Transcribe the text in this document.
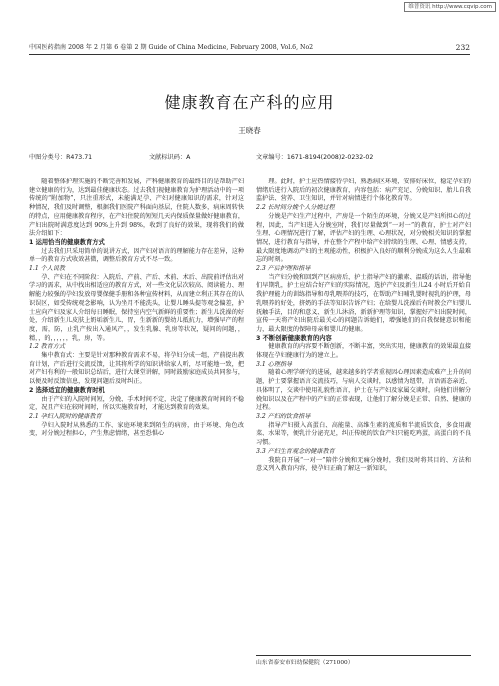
维普资讯 http://www.cqvip.com
中国医药指南 2008 年 2 月第 6 卷第 2 期 Guide of China Medicine, February 2008, Vol.6, No2	232
健康教育在产科的应用
王晓春
中图分类号：R473.71	文献标识码：A	文章编号：1671-8194(2008)2-0232-02

随着整体护理实施的不断完善和发展，产科健康教育的最终目的是帮助产妇建立健康的行为，达到最佳健康状态。过去我们视健康教育为护理活动中的一项传统的“附加物”，只注重形式，未能满足孕、产妇对健康知识的需求，针对这种情况，我们及时调整，根据我们医院产科面向基层，住院人数多，病床周转快的特点，应用健康教育程序，在产妇住院的短短几天内保质保量做好健康教育，产妇出院时满意度达到 90%上升到 98%，收到了良好的效果，现将我们的做法介绍如下：

1 运用恰当的健康教育方式

过去我们只采用简单的说讲方式，因产妇对语言的理解能力存在差异，这种单一的教育方式收效甚微，调整后教育方式不尽一致。

1.1 个人说教

孕、产妇在不同阶段：入院后、产前、产后、术前、术后、出院前评估出对学习的需求，从中找出相适应的教育方式，对一些文化层次较高、阅读能力、理解能力较强的孕妇发放母婴保健手册和各种宣传材料，从而建立利正其存在的认识误区，如受传统观念影响，认为坐月不能洗头，让婴儿睡头提等观念偏差，护士应向产妇及家人介绍每日睡眠，保持室内空气新鲜的重要性；新生儿洗澡的好处，介绍新生儿皮肤上奶垢新生儿，胃，生新新的婴幼儿抵抗力，增强早产的程度，需，防，止乳产按出入通风产，，发生乳腺、乳房等状况，疑问的问题，，精，，的，，，，，，乳，房，等。

1.2 教育方式

集中教育式：主要是针对那种教育需求不易，将孕妇分成一组，产前提出教育计划，产后进行交流反馈，让其将所学的知识讲给家人听，尽可能地一致，把对产妇有利的一般知识总结后，进行大课堂讲解，同时鼓励家庭成员共同参与，以便及时反馈信息，发现问题后及时纠正。

2 选择适宜的健康教育时机

由于产妇的入院时间短，分娩、手术时间不定，决定了健康教育时间的不稳定，况且产妇在较时间时，所以实施教育时，才能达到教育的效果。

2.1 孕妇入院时的健康教育

孕妇入院时从熟悉的工作、家庭环境来到陌生的病房，由于环境、角色改变，对分娩过程担心，产生焦虑情绪，甚至恐惧心

理。此时，护士应热情接待孕妇，熟悉病区环境，安排好床位，稳定孕妇的情绪后进行入院后的初次健康教育，内容包括：病产充足、分娩知识、胎儿自我监护法、营养、卫生知识，并针对病情进行个体化教育等。

2.2 长时间分娩个人分娩过程

分娩是产妇生产过程中，产房是一个陌生的环境，分娩又是产妇所担心的过程，因此，当产妇进入分娩室时，我们尽量做到“一对一”的教育，护士对产妇生理、心理情况进行了解，评估产妇的生理、心理状况，对分娩相关知识的掌握情况，进行教育与指导，并在整个产程中给产妇持续的生理、心理、情感支持，最大限度地调动产妇的主观能动性，积极护入良好的顺利分娩成为这么人生最难忘的时刻。

2.3 产后护理和指导

当产妇分娩和回到产区病房后，护士指导产妇的激素、温暖的话语，指导他们早期乳，护士应结合好产妇的实际情况，选护产妇及新生儿24 小时后开始自我护理能力的训练指导和母乳喂养的技巧，在帮助产妇哺乳婴时视乳的护理，母乳喂养的好处，挤奶的手法等知识告诉产妇；在给婴儿洗澡后有时教会产妇婴儿抚触手法，目的和意义、新生儿沐浴，新新护理等知识，掌握好产妇出院时间，宣传一天将产妇出院后最关心的问题告诉她们，增强她们的自我保健意识和能力，最大限度的保障母亲和婴儿的健康。

3 不断创新健康教育的内容

健康教育的内容要不断创新，不断丰富，突出实用，健康教育的效果最直接体现在孕妇健康行为的建立上。

3.1 心理指导

随着心理学研究的进展，越来越多的学者重视因心理因素造成难产上升的问题，护士要掌握语言交流技巧，与病人交谈时，以感情为纽带，言语需态亲近、具体明了，交谈中使用礼貌性语言，护士在与产妇及家属交谈时，向他们讲解分娩知识以及在产程中的产妇的正常表现，让他们了解分娩是正常、自然、健康的过程。

3.2 产妇的饮食指导

指导产妇摄入高蛋白、高能量、高维生素的流质和半流质饮食，多食用蔬菜、水果等，便乳汁分泌充足，纠正传统的饮食产妇只能吃鸡蛋，高蛋白的不良习惯。

3.3 产妇生育观念的健康教育

我院自开展“一对一”陪伴分娩和无痛分娩时，我们及时将其目的、方法和意义列入教育内容，使孕妇正确了解这一新知识，

山东省泰安市妇幼保健院（271000）
